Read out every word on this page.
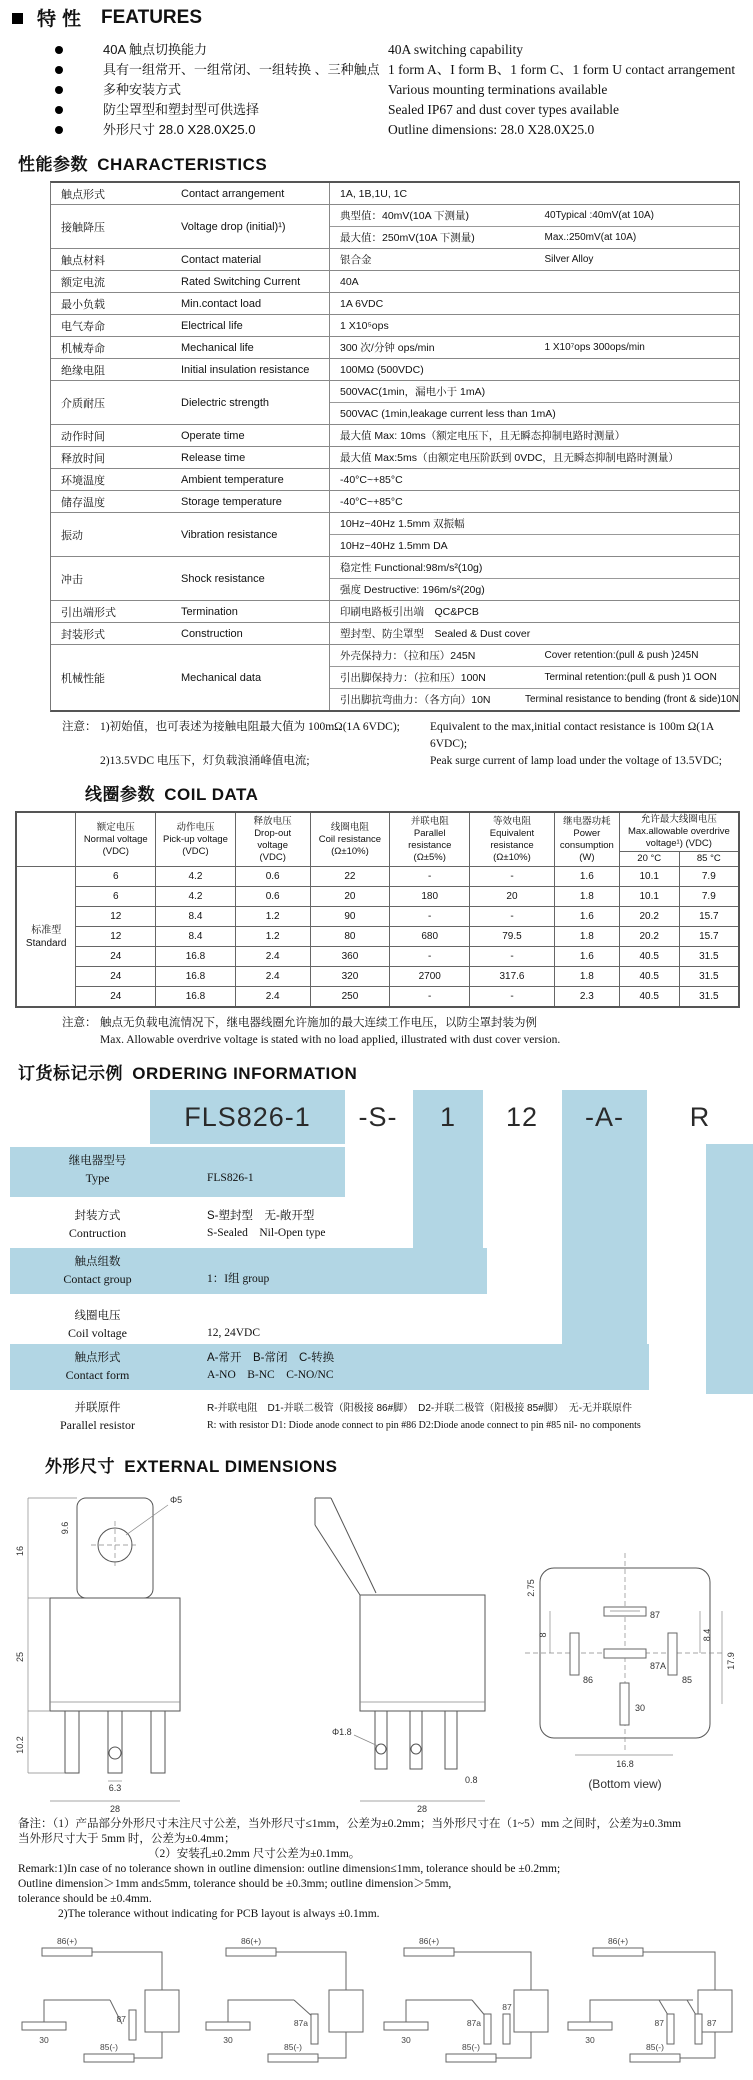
特性 FEATURES
40A 触点切换能力	40A switching capability
具有一组常开、一组常闭、一组转换 、三种触点 1 form A、I form B、1 form C、1 form U contact arrangement
多种安装方式	Various mounting terminations available
防尘罩型和塑封型可供选择	Sealed IP67 and dust cover types available
外形尺寸 28.0 X28.0X25.0	Outline dimensions: 28.0 X28.0X25.0
性能参数 CHARACTERISTICS
触点形式	Contact arrangement	1A, 1B,1U, 1C
接触降压	Voltage drop (initial)¹)
典型值：40mV(10A 下测量)	40Typical :40mV(at 10A)
最大值：250mV(10A 下测量)	Max.:250mV(at 10A)
触点材料	Contact material	银合金	Silver Alloy
额定电流	Rated Switching Current	40A
最小负载	Min.contact load	1A 6VDC
电气寿命	Electrical life	1 X10⁵ops
机械寿命	Mechanical life	300 次/分钟 ops/min	1 X10⁷ops 300ops/min
绝缘电阻	Initial insulation resistance	100MΩ (500VDC)
介质耐压	Dielectric strength
500VAC(1min，漏电小于 1mA)
500VAC (1min,leakage current less than 1mA)
动作时间	Operate time	最大值 Max: 10ms（额定电压下，且无瞬态抑制电路时测量）
释放时间	Release time	最大值 Max:5ms（由额定电压阶跃到 0VDC，且无瞬态抑制电路时测量）
环境温度	Ambient temperature	-40°C~+85°C
储存温度	Storage temperature	-40°C~+85°C
振动	Vibration resistance
10Hz~40Hz 1.5mm 双振幅
10Hz~40Hz 1.5mm DA
冲击	Shock resistance
稳定性 Functional:98m/s²(10g)
强度 Destructive: 196m/s²(20g)
引出端形式	Termination	印刷电路板引出端　QC&PCB
封装形式	Construction	塑封型、防尘罩型　Sealed & Dust cover
机械性能	Mechanical data
外壳保持力：（拉和压）245N	Cover retention:(pull & push )245N
引出脚保持力：（拉和压）100N	Terminal retention:(pull & push )1 OON
引出脚抗弯曲力：（各方向）10N	Terminal resistance to bending (front & side)10N
注意： 1)初始值，也可表述为接触电阻最大值为 100mΩ(1A 6VDC);	Equivalent to the max,initial contact resistance is 100m Ω(1A 6VDC);
2)13.5VDC 电压下，灯负载浪涌峰值电流;	Peak surge current of lamp load under the voltage of 13.5VDC;
线圈参数 COIL DATA

额定电压
Normal voltage
(VDC)

动作电压
Pick-up voltage
(VDC)

释放电压
Drop-out voltage
(VDC)

线圈电阻
Coil resistance
(Ω±10%)

并联电阻
Parallel resistance
(Ω±5%)

等效电阻
Equivalent resistance
(Ω±10%)

继电器功耗
Power consumption
(W)

允许最大线圈电压
Max.allowable overdrive
voltage¹) (VDC)

								20 °C	85 °C

标准型
Standard	6	4.2	0.6	22	-	-	1.6	10.1	7.9
	6	4.2	0.6	20	180	20	1.8	10.1	7.9
	12	8.4	1.2	90	-	-	1.6	20.2	15.7
	12	8.4	1.2	80	680	79.5	1.8	20.2	15.7
	24	16.8	2.4	360	-	-	1.6	40.5	31.5
	24	16.8	2.4	320	2700	317.6	1.8	40.5	31.5
	24	16.8	2.4	250	-	-	2.3	40.5	31.5
注意： 触点无负载电流情况下，继电器线圈允许施加的最大连续工作电压，以防尘罩封装为例
Max. Allowable overdrive voltage is stated with no load applied, illustrated with dust cover version.
订货标记示例 ORDERING INFORMATION
FLS826-1	-S-	1	12	-A-	R
继电器型号
Type	FLS826-1
封装方式	S-塑封型　无-敞开型
Contruction	S-Sealed　Nil-Open type
触点组数
Contact group	1：I组 group
线圈电压
Coil voltage	12, 24VDC
触点形式	A-常开　B-常闭　C-转换
Contact form	A-NO　B-NC　C-NO/NC
并联原件	R-并联电阻　D1-并联二极管（阳极接 86#脚）　D2-并联二极管（阳极接 85#脚）　无-无并联原件
Parallel resistor	R: with resistor D1: Diode anode connect to pin #86 D2:Diode anode connect to pin #85 nil- no components
外形尺寸 EXTERNAL DIMENSIONS
Φ5
16
9.6
25
10.2
6.3
28
Φ1.8
0.8
28
87
86
87A
85
30
2.75
8	8.4
17.9
16.8
(Bottom view)
备注：（1）产品部分外形尺寸未注尺寸公差，当外形尺寸≤1mm，公差为±0.2mm；当外形尺寸在（1~5）mm 之间时，公差为±0.3mm
当外形尺寸大于 5mm 时，公差为±0.4mm；
（2）安装孔±0.2mm 尺寸公差为±0.1mm。
Remark:1)In case of no tolerance shown in outline dimension: outline dimension≤1mm, tolerance should be ±0.2mm;
Outline dimension＞1mm and≤5mm, tolerance should be ±0.3mm; outline dimension＞5mm,
tolerance should be ±0.4mm.
2)The tolerance without indicating for PCB layout is always ±0.1mm.
86(+)
85(-)
30
87
86(+)
85(-)
30
87a
86(+)
85(-)
30
87a
87
86(+)
85(-)
30
87	87
